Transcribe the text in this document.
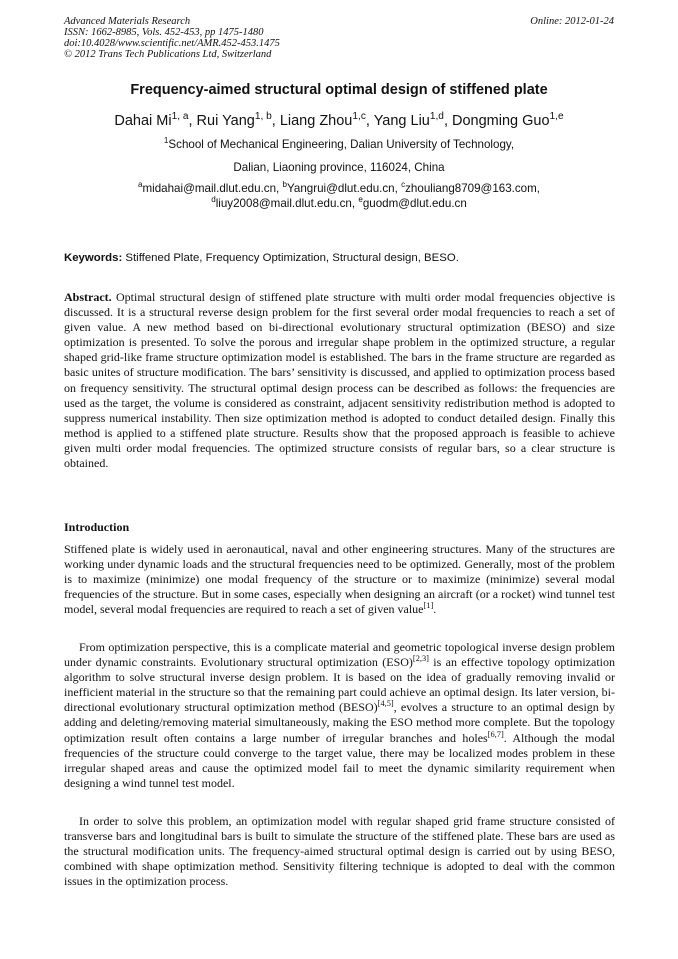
Advanced Materials Research
ISSN: 1662-8985, Vols. 452-453, pp 1475-1480
doi:10.4028/www.scientific.net/AMR.452-453.1475
© 2012 Trans Tech Publications Ltd, Switzerland
Online: 2012-01-24
Frequency-aimed structural optimal design of stiffened plate
Dahai Mi$^{1, a}$, Rui Yang$^{1, b}$, Liang Zhou$^{1,c}$, Yang Liu$^{1,d}$, Dongming Guo$^{1,e}$
$^1$School of Mechanical Engineering, Dalian University of Technology,
Dalian, Liaoning province, 116024, China
$^a$midahai@mail.dlut.edu.cn, $^b$Yangrui@dlut.edu.cn, $^c$zhouliang8709@163.com,
$^d$liuy2008@mail.dlut.edu.cn, $^e$guodm@dlut.edu.cn
Keywords: Stiffened Plate, Frequency Optimization, Structural design, BESO.

Abstract. Optimal structural design of stiffened plate structure with multi order modal frequencies objective is discussed. It is a structural reverse design problem for the first several order modal frequencies to reach a set of given value. A new method based on bi-directional evolutionary structural optimization (BESO) and size optimization is presented. To solve the porous and irregular shape problem in the optimized structure, a regular shaped grid-like frame structure optimization model is established. The bars in the frame structure are regarded as basic unites of structure modification. The bars’ sensitivity is discussed, and applied to optimization process based on frequency sensitivity. The structural optimal design process can be described as follows: the frequencies are used as the target, the volume is considered as constraint, adjacent sensitivity redistribution method is adopted to suppress numerical instability. Then size optimization method is adopted to conduct detailed design. Finally this method is applied to a stiffened plate structure. Results show that the proposed approach is feasible to achieve given multi order modal frequencies. The optimized structure consists of regular bars, so a clear structure is obtained.

Introduction

Stiffened plate is widely used in aeronautical, naval and other engineering structures. Many of the structures are working under dynamic loads and the structural frequencies need to be optimized. Generally, most of the problem is to maximize (minimize) one modal frequency of the structure or to maximize (minimize) several modal frequencies of the structure. But in some cases, especially when designing an aircraft (or a rocket) wind tunnel test model, several modal frequencies are required to reach a set of given value[1].

From optimization perspective, this is a complicate material and geometric topological inverse design problem under dynamic constraints. Evolutionary structural optimization (ESO)[2,3] is an effective topology optimization algorithm to solve structural inverse design problem. It is based on the idea of gradually removing invalid or inefficient material in the structure so that the remaining part could achieve an optimal design. Its later version, bi-directional evolutionary structural optimization method (BESO)[4,5], evolves a structure to an optimal design by adding and deleting/removing material simultaneously, making the ESO method more complete. But the topology optimization result often contains a large number of irregular branches and holes[6,7]. Although the modal frequencies of the structure could converge to the target value, there may be localized modes problem in these irregular shaped areas and cause the optimized model fail to meet the dynamic similarity requirement when designing a wind tunnel test model.

In order to solve this problem, an optimization model with regular shaped grid frame structure consisted of transverse bars and longitudinal bars is built to simulate the structure of the stiffened plate. These bars are used as the structural modification units. The frequency-aimed structural optimal design is carried out by using BESO, combined with shape optimization method. Sensitivity filtering technique is adopted to deal with the common issues in the optimization process.
